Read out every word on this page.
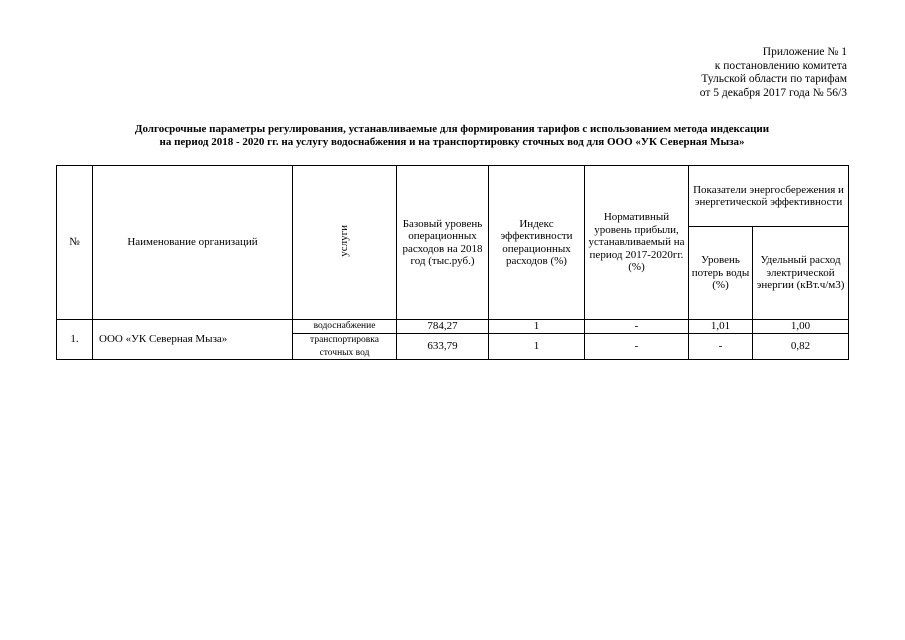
Приложение № 1
к постановлению комитета
Тульской области по тарифам
от 5 декабря 2017 года № 56/3
Долгосрочные параметры регулирования, устанавливаемые для формирования тарифов с использованием метода индексации
на период 2018 - 2020 гг. на услугу водоснабжения и на транспортировку сточных вод для ООО «УК Северная Мыза»
№	Наименование организаций	услуги	Базовый уровень операционных расходов на 2018 год (тыс.руб.)	Индекс эффективности операционных расходов (%)	Нормативный уровень прибыли, устанавливаемый на период 2017-2020гг. (%)	Показатели энергосбережения и энергетической эффективности	
						Уровень потерь воды (%)	Удельный расход электрической энергии (кВт.ч/м3)
1.	ООО «УК Северная Мыза»	водоснабжение	784,27	1	-	1,01	1,00
		транспортировка сточных вод	633,79	1	-	-	0,82
